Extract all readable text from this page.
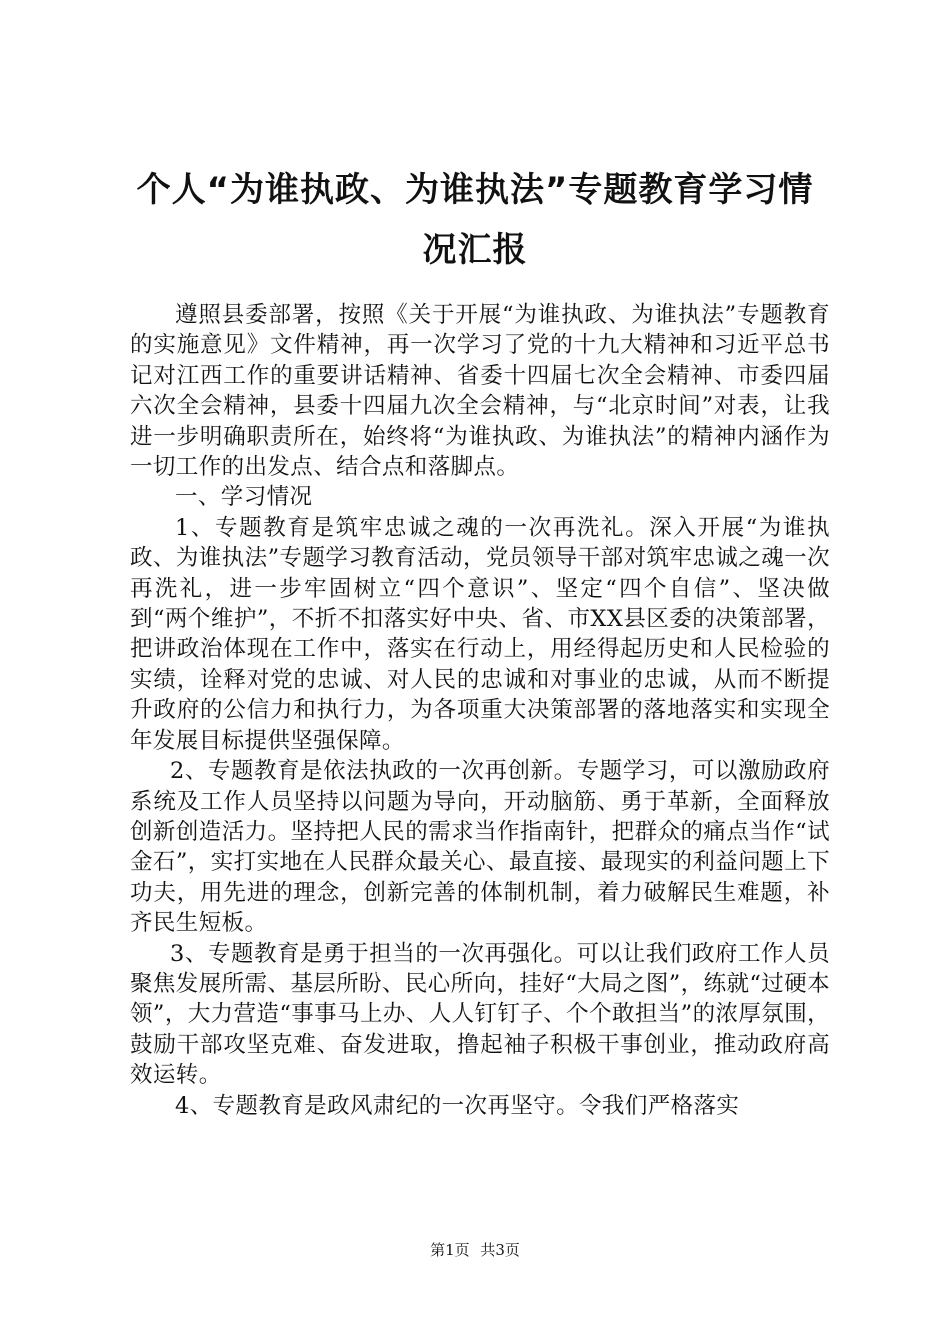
个人“为谁执政、为谁执法”专题教育学习情
况汇报

遵照县委部署，按照《关于开展“为谁执政、为谁执法”专题教育的实施意见》文件精神，再一次学习了党的十九大精神和习近平总书记对江西工作的重要讲话精神、省委十四届七次全会精神、市委四届六次全会精神，县委十四届九次全会精神，与“北京时间”对表，让我进一步明确职责所在，始终将“为谁执政、为谁执法”的精神内涵作为一切工作的出发点、结合点和落脚点。

一、学习情况

1、专题教育是筑牢忠诚之魂的一次再洗礼。深入开展“为谁执政、为谁执法”专题学习教育活动，党员领导干部对筑牢忠诚之魂一次再洗礼，进一步牢固树立“四个意识”、坚定“四个自信”、坚决做到“两个维护”，不折不扣落实好中央、省、市XX县区委的决策部署，把讲政治体现在工作中，落实在行动上，用经得起历史和人民检验的实绩，诠释对党的忠诚、对人民的忠诚和对事业的忠诚，从而不断提升政府的公信力和执行力，为各项重大决策部署的落地落实和实现全年发展目标提供坚强保障。

2、专题教育是依法执政的一次再创新。专题学习，可以激励政府系统及工作人员坚持以问题为导向，开动脑筋、勇于革新，全面释放创新创造活力。坚持把人民的需求当作指南针，把群众的痛点当作“试金石”，实打实地在人民群众最关心、最直接、最现实的利益问题上下功夫，用先进的理念，创新完善的体制机制，着力破解民生难题，补齐民生短板。

3、专题教育是勇于担当的一次再强化。可以让我们政府工作人员聚焦发展所需、基层所盼、民心所向，挂好“大局之图”，练就“过硬本领”，大力营造“事事马上办、人人钉钉子、个个敢担当”的浓厚氛围，鼓励干部攻坚克难、奋发进取，撸起袖子积极干事创业，推动政府高效运转。

4、专题教育是政风肃纪的一次再坚守。令我们严格落实

第1页 共3页
